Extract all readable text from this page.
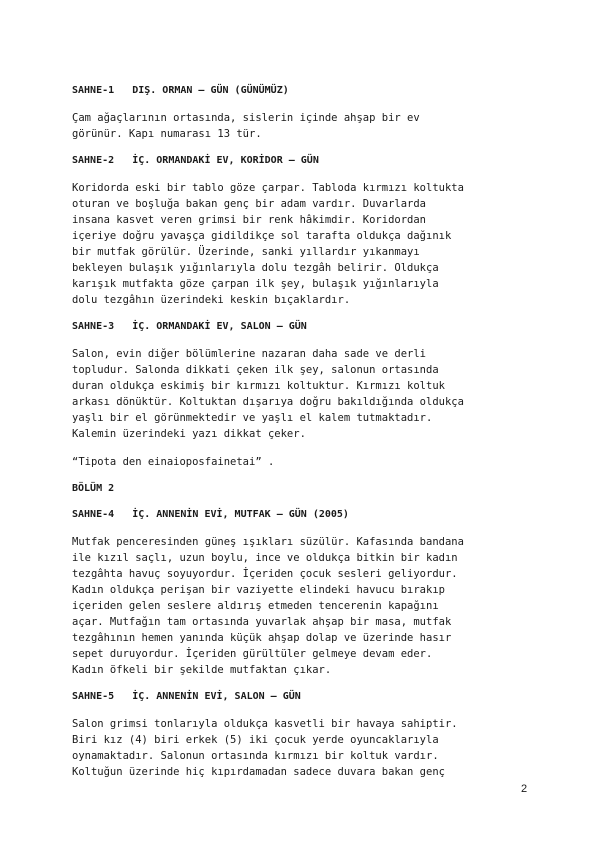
SAHNE-1   DIŞ. ORMAN – GÜN (GÜNÜMÜZ)
Çam ağaçlarının ortasında, sislerin içinde ahşap bir ev
görünür. Kapı numarası 13 tür.
SAHNE-2   İÇ. ORMANDAKİ EV, KORİDOR – GÜN
Koridorda eski bir tablo göze çarpar. Tabloda kırmızı koltukta
oturan ve boşluğa bakan genç bir adam vardır. Duvarlarda
insana kasvet veren grimsi bir renk hâkimdir. Koridordan
içeriye doğru yavaşça gidildikçe sol tarafta oldukça dağınık
bir mutfak görülür. Üzerinde, sanki yıllardır yıkanmayı
bekleyen bulaşık yığınlarıyla dolu tezgâh belirir. Oldukça
karışık mutfakta göze çarpan ilk şey, bulaşık yığınlarıyla
dolu tezgâhın üzerindeki keskin bıçaklardır.
SAHNE-3   İÇ. ORMANDAKİ EV, SALON – GÜN
Salon, evin diğer bölümlerine nazaran daha sade ve derli
topludur. Salonda dikkati çeken ilk şey, salonun ortasında
duran oldukça eskimiş bir kırmızı koltuktur. Kırmızı koltuk
arkası dönüktür. Koltuktan dışarıya doğru bakıldığında oldukça
yaşlı bir el görünmektedir ve yaşlı el kalem tutmaktadır.
Kalemin üzerindeki yazı dikkat çeker.
“Tipota den einaioposfainetai” .
BÖLÜM 2
SAHNE-4   İÇ. ANNENİN EVİ, MUTFAK – GÜN (2005)
Mutfak penceresinden güneş ışıkları süzülür. Kafasında bandana
ile kızıl saçlı, uzun boylu, ince ve oldukça bitkin bir kadın
tezgâhta havuç soyuyordur. İçeriden çocuk sesleri geliyordur.
Kadın oldukça perişan bir vaziyette elindeki havucu bırakıp
içeriden gelen seslere aldırış etmeden tencerenin kapağını
açar. Mutfağın tam ortasında yuvarlak ahşap bir masa, mutfak
tezgâhının hemen yanında küçük ahşap dolap ve üzerinde hasır
sepet duruyordur. İçeriden gürültüler gelmeye devam eder.
Kadın öfkeli bir şekilde mutfaktan çıkar.
SAHNE-5   İÇ. ANNENİN EVİ, SALON – GÜN
Salon grimsi tonlarıyla oldukça kasvetli bir havaya sahiptir.
Biri kız (4) biri erkek (5) iki çocuk yerde oyuncaklarıyla
oynamaktadır. Salonun ortasında kırmızı bir koltuk vardır.
Koltuğun üzerinde hiç kıpırdamadan sadece duvara bakan genç
2
